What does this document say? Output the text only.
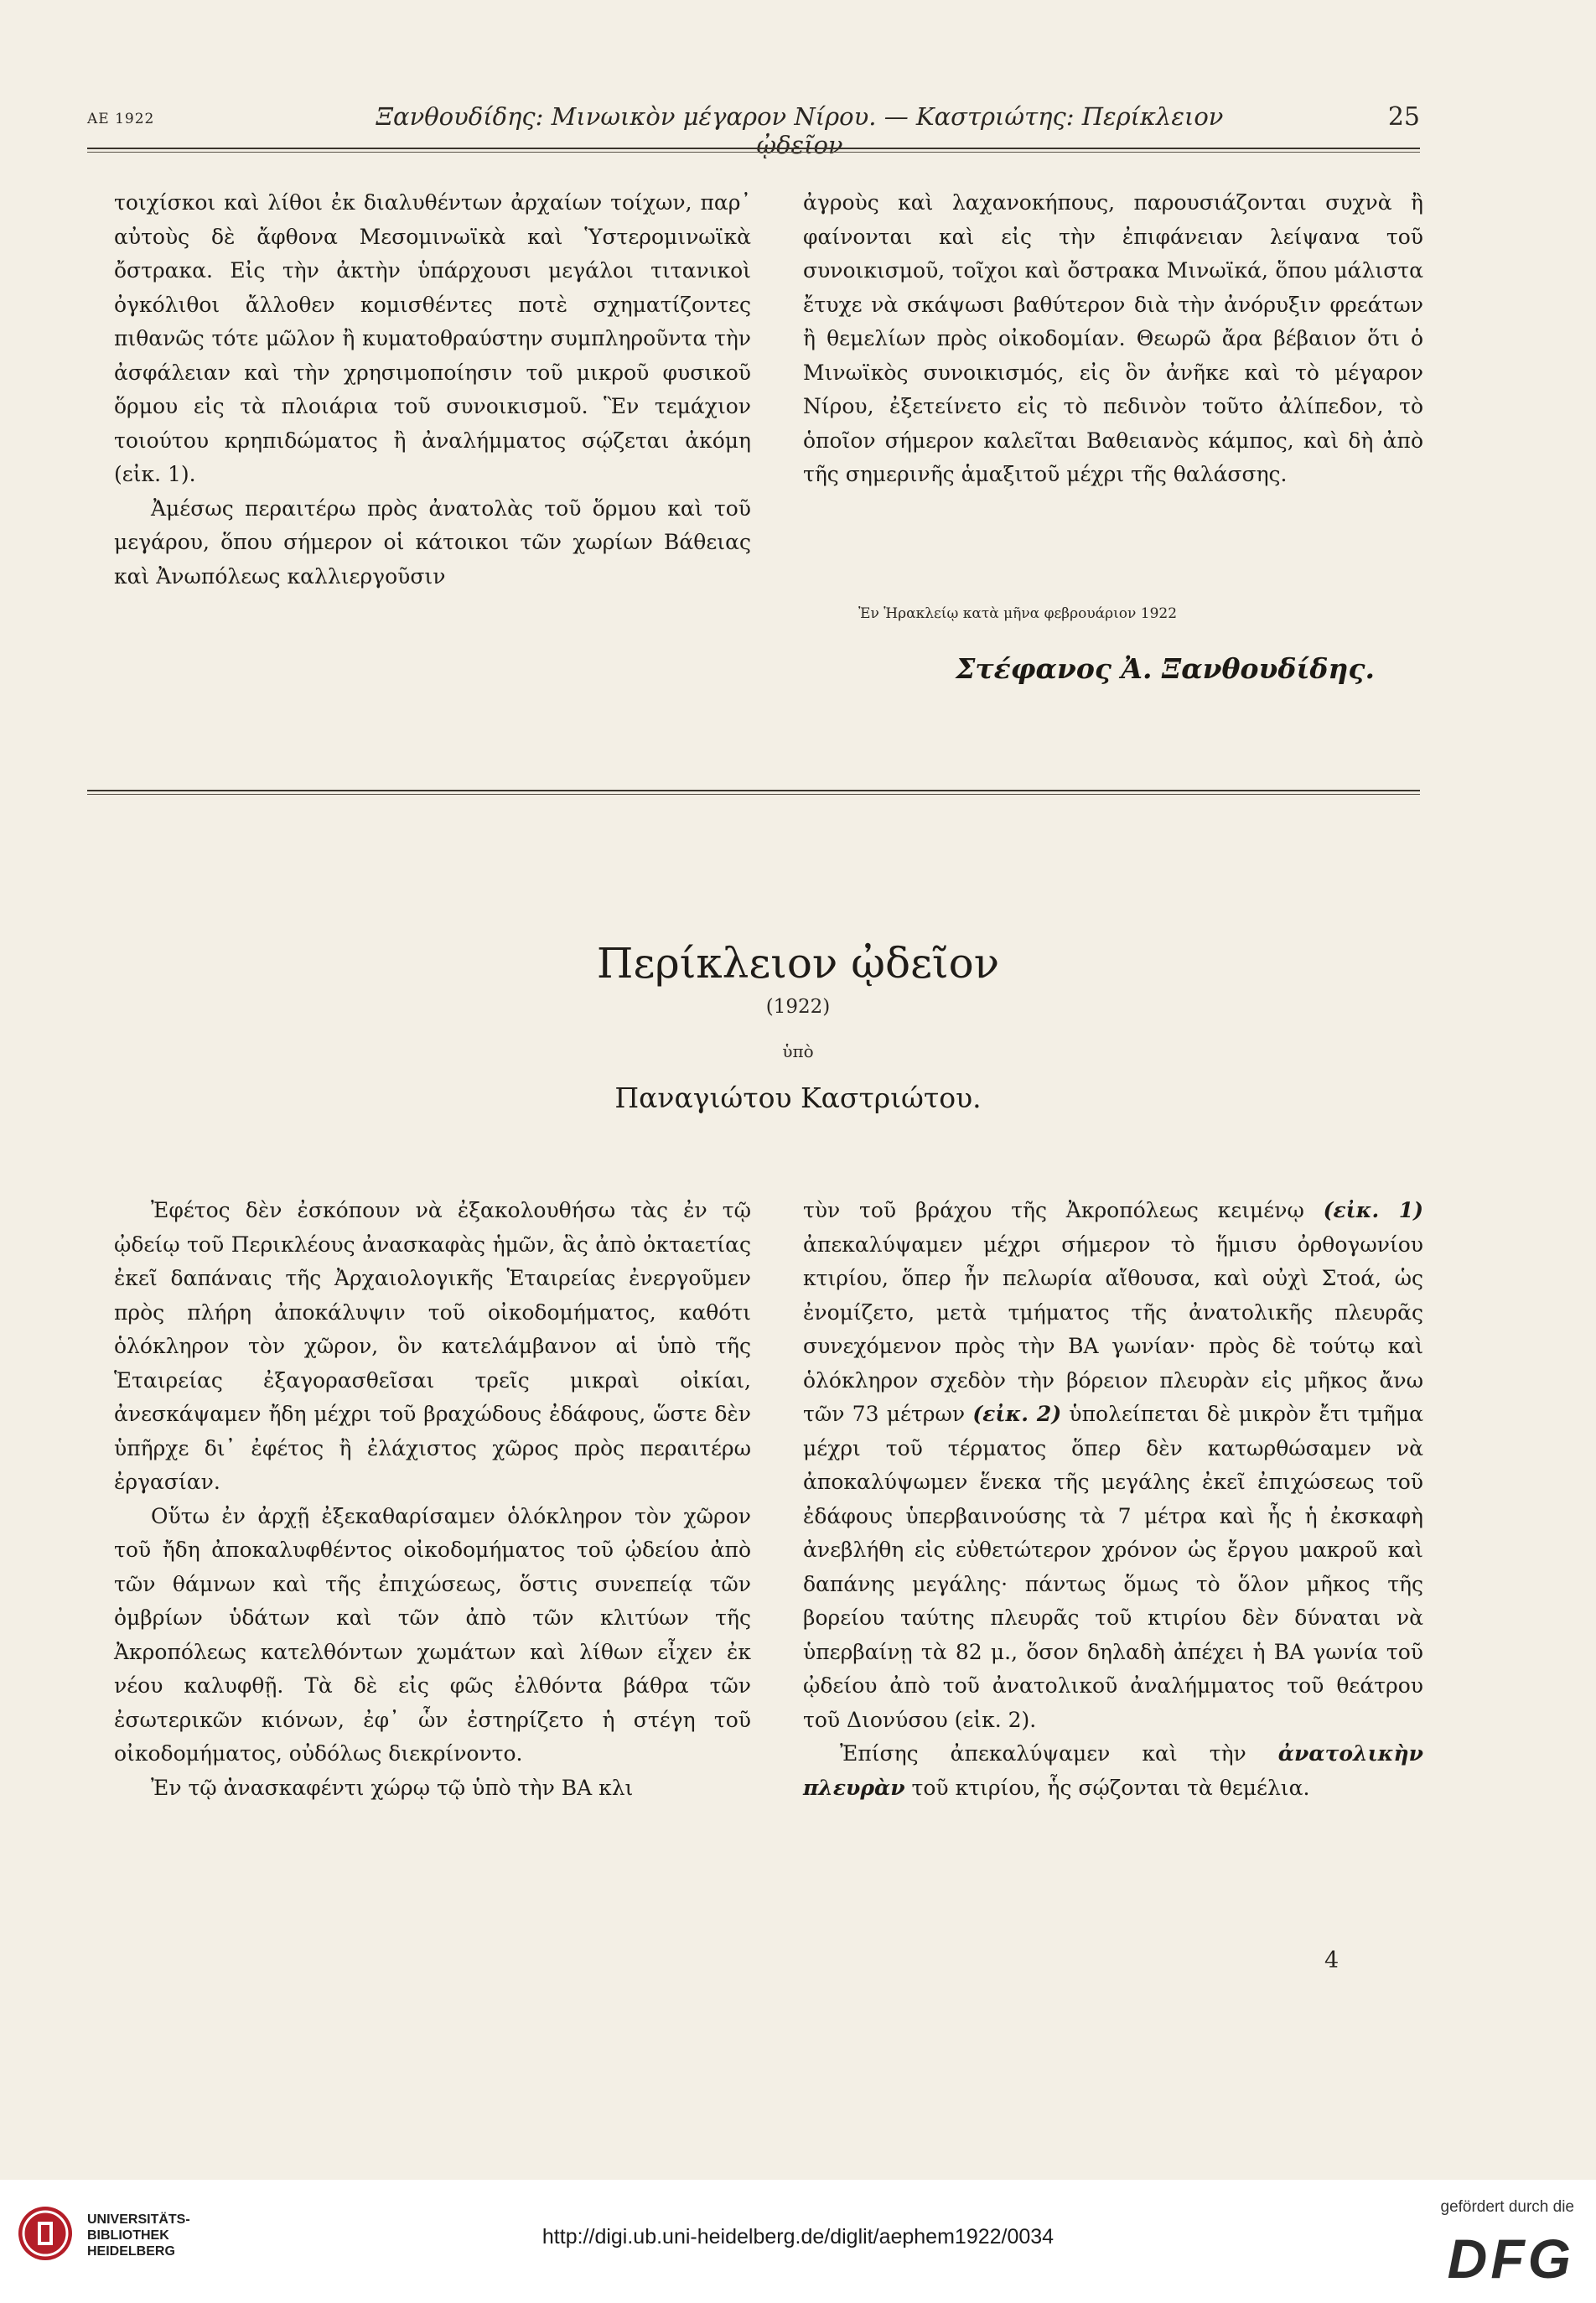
ΑΕ 1922	Ξανθουδίδης: Μινωικὸν μέγαρον Νίρου. — Καστριώτης: Περίκλειον ᾠδεῖον
25

τοιχίσκοι καὶ λίθοι ἐκ διαλυθέντων ἀρχαίων τοίχων, παρ᾿ αὐτοὺς δὲ ἄφθονα Μεσομινωϊκὰ καὶ Ὑστερομινωϊκὰ ὄστρακα. Εἰς τὴν ἀκτὴν ὑπάρχουσι μεγάλοι τιτανικοὶ ὀγκόλιθοι ἄλλοθεν κομισθέντες ποτὲ σχηματίζοντες πιθανῶς τότε μῶλον ἢ κυματοθραύστην συμπληροῦντα τὴν ἀσφάλειαν καὶ τὴν χρησιμοποίησιν τοῦ μικροῦ φυσικοῦ ὅρμου εἰς τὰ πλοιάρια τοῦ συνοικισμοῦ. Ἓν τεμάχιον τοιούτου κρηπιδώματος ἢ ἀναλήμματος σῴζεται ἀκόμη (εἰκ. 1).

Ἀμέσως περαιτέρω πρὸς ἀνατολὰς τοῦ ὅρμου καὶ τοῦ μεγάρου, ὅπου σήμερον οἱ κάτοικοι τῶν χωρίων Βάθειας καὶ Ἀνωπόλεως καλλιεργοῦσιν

ἀγροὺς καὶ λαχανοκήπους, παρουσιάζονται συχνὰ ἢ φαίνονται καὶ εἰς τὴν ἐπιφάνειαν λείψανα τοῦ συνοικισμοῦ, τοῖχοι καὶ ὄστρακα Μινωϊκά, ὅπου μάλιστα ἔτυχε νὰ σκάψωσι βαθύτερον διὰ τὴν ἀνόρυξιν φρεάτων ἢ θεμελίων πρὸς οἰκοδομίαν. Θεωρῶ ἄρα βέβαιον ὅτι ὁ Μινωϊκὸς συνοικισμός, εἰς ὃν ἀνῆκε καὶ τὸ μέγαρον Νίρου, ἐξετείνετο εἰς τὸ πεδινὸν τοῦτο ἀλίπεδον, τὸ ὁποῖον σήμερον καλεῖται Βαθειανὸς κάμπος, καὶ δὴ ἀπὸ τῆς σημερινῆς ἁμαξιτοῦ μέχρι τῆς θαλάσσης.

Ἐν Ἡρακλείῳ κατὰ μῆνα φεβρουάριον 1922
Στέφανος Ἀ. Ξανθουδίδης.
Περίκλειον ᾠδεῖον
(1922)
ὑπὸ
Παναγιώτου Καστριώτου.

Ἐφέτος δὲν ἐσκόπουν νὰ ἐξακολουθήσω τὰς ἐν τῷ ᾠδείῳ τοῦ Περικλέους ἀνασκαφὰς ἡμῶν, ἃς ἀπὸ ὀκταετίας ἐκεῖ δαπάναις τῆς Ἀρχαιολογικῆς Ἑταιρείας ἐνεργοῦμεν πρὸς πλήρη ἀποκάλυψιν τοῦ οἰκοδομήματος, καθότι ὁλόκληρον τὸν χῶρον, ὃν κατελάμβανον αἱ ὑπὸ τῆς Ἑταιρείας ἐξαγορασθεῖσαι τρεῖς μικραὶ οἰκίαι, ἀνεσκάψαμεν ἤδη μέχρι τοῦ βραχώδους ἐδάφους, ὥστε δὲν ὑπῆρχε δι᾿ ἐφέτος ἢ ἐλάχιστος χῶρος πρὸς περαιτέρω ἐργασίαν.

Οὕτω ἐν ἀρχῇ ἐξεκαθαρίσαμεν ὁλόκληρον τὸν χῶρον τοῦ ἤδη ἀποκαλυφθέντος οἰκοδομήματος τοῦ ᾠδείου ἀπὸ τῶν θάμνων καὶ τῆς ἐπιχώσεως, ὅστις συνεπείᾳ τῶν ὀμβρίων ὑδάτων καὶ τῶν ἀπὸ τῶν κλιτύων τῆς Ἀκροπόλεως κατελθόντων χωμάτων καὶ λίθων εἶχεν ἐκ νέου καλυφθῇ. Τὰ δὲ εἰς φῶς ἐλθόντα βάθρα τῶν ἐσωτερικῶν κιόνων, ἐφ᾿ ὧν ἐστηρίζετο ἡ στέγη τοῦ οἰκοδομήματος, οὐδόλως διεκρίνοντο.

Ἐν τῷ ἀνασκαφέντι χώρῳ τῷ ὑπὸ τὴν ΒΑ κλι

τὺν τοῦ βράχου τῆς Ἀκροπόλεως κειμένῳ (εἰκ. 1) ἀπεκαλύψαμεν μέχρι σήμερον τὸ ἥμισυ ὀρθογωνίου κτιρίου, ὅπερ ἦν πελωρία αἴθουσα, καὶ οὐχὶ Στοά, ὡς ἐνομίζετο, μετὰ τμήματος τῆς ἀνατολικῆς πλευρᾶς συνεχόμενον πρὸς τὴν ΒΑ γωνίαν· πρὸς δὲ τούτῳ καὶ ὁλόκληρον σχεδὸν τὴν βόρειον πλευρὰν εἰς μῆκος ἄνω τῶν 73 μέτρων (εἰκ. 2) ὑπολείπεται δὲ μικρὸν ἔτι τμῆμα μέχρι τοῦ τέρματος ὅπερ δὲν κατωρθώσαμεν νὰ ἀποκαλύψωμεν ἕνεκα τῆς μεγάλης ἐκεῖ ἐπιχώσεως τοῦ ἐδάφους ὑπερβαινούσης τὰ 7 μέτρα καὶ ἧς ἡ ἐκσκαφὴ ἀνεβλήθη εἰς εὐθετώτερον χρόνον ὡς ἔργου μακροῦ καὶ δαπάνης μεγάλης· πάντως ὅμως τὸ ὅλον μῆκος τῆς βορείου ταύτης πλευρᾶς τοῦ κτιρίου δὲν δύναται νὰ ὑπερβαίνῃ τὰ 82 μ., ὅσον δηλαδὴ ἀπέχει ἡ ΒΑ γωνία τοῦ ᾠδείου ἀπὸ τοῦ ἀνατολικοῦ ἀναλήμματος τοῦ θεάτρου τοῦ Διονύσου (εἰκ. 2).

Ἐπίσης ἀπεκαλύψαμεν καὶ τὴν ἀνατολικὴν πλευρὰν τοῦ κτιρίου, ἧς σῴζονται τὰ θεμέλια.

4
UNIVERSITÄTS-
BIBLIOTHEK
HEIDELBERG
http://digi.ub.uni-heidelberg.de/diglit/aephem1922/0034
gefördert durch die
DFG
